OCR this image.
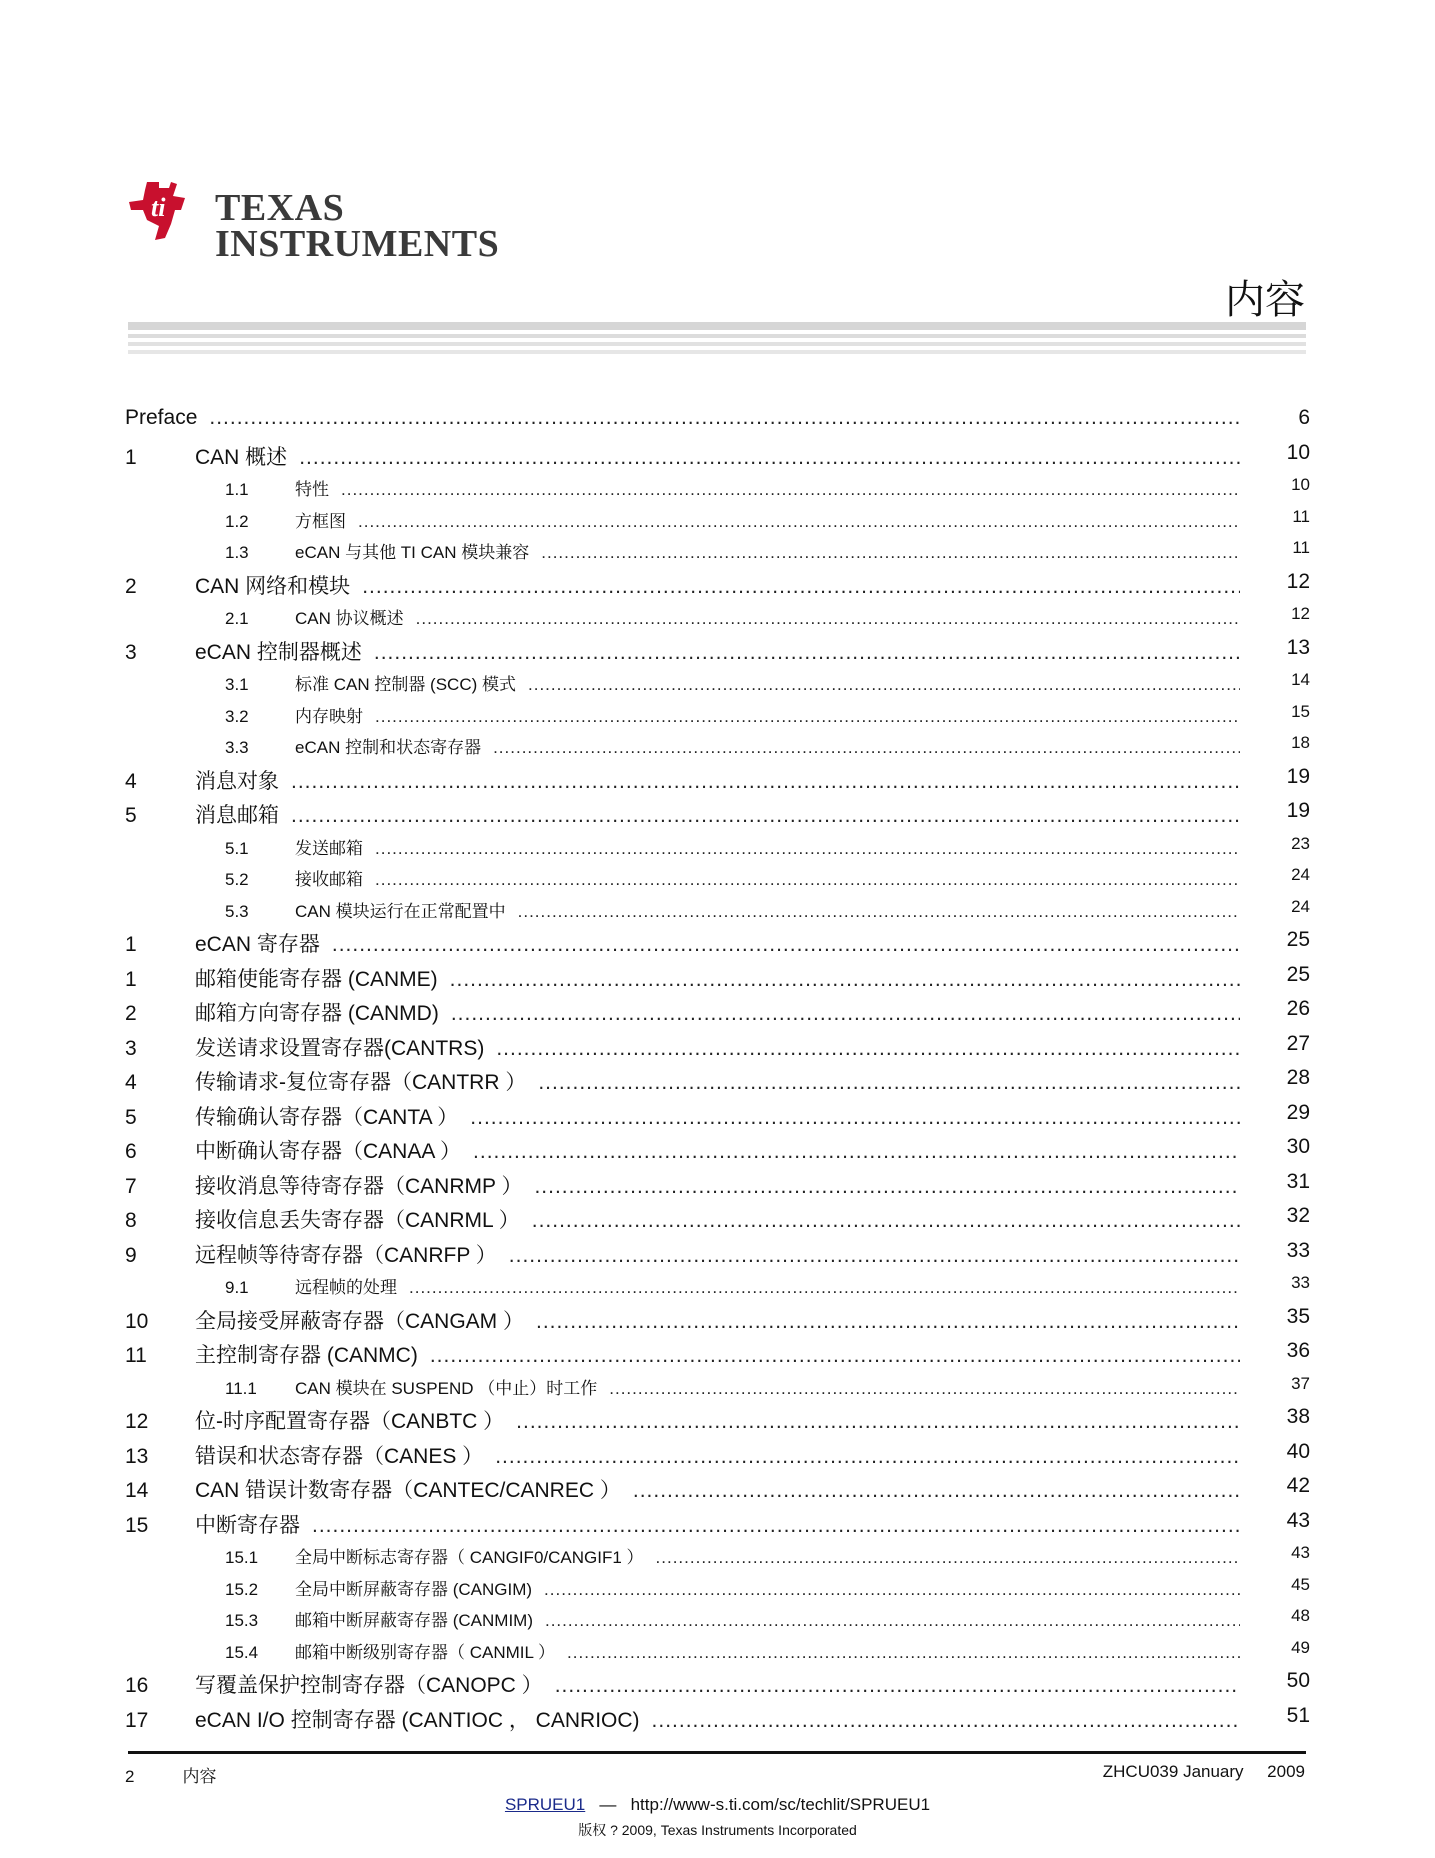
ti TEXAS
INSTRUMENTS
内容
Preface .....	6
1	CAN 概述 .....	10
1.1	特性 .....	10
1.2	方框图 .....	11
1.3	eCAN 与其他 TI CAN 模块兼容 .....	11
2	CAN 网络和模块 .....	12
2.1	CAN 协议概述 .....	12
3	eCAN 控制器概述 .....	13
3.1	标准 CAN 控制器 (SCC) 模式 .....	14
3.2	内存映射 .....	15
3.3	eCAN 控制和状态寄存器 .....	18
4	消息对象 .....	19
5	消息邮箱 .....	19
5.1	发送邮箱 .....	23
5.2	接收邮箱 .....	24
5.3	CAN 模块运行在正常配置中 .....	24
1	eCAN 寄存器 .....	25
1	邮箱使能寄存器 (CANME) .....	25
2	邮箱方向寄存器 (CANMD) .....	26
3	发送请求设置寄存器(CANTRS) .....	27
4	传输请求-复位寄存器（CANTRR ） .....	28
5	传输确认寄存器（CANTA ） .....	29
6	中断确认寄存器（CANAA ） .....	30
7	接收消息等待寄存器（CANRMP ） .....	31
8	接收信息丢失寄存器（CANRML ） .....	32
9	远程帧等待寄存器（CANRFP ） .....	33
9.1	远程帧的处理 .....	33
10	全局接受屏蔽寄存器（CANGAM ） .....	35
11	主控制寄存器 (CANMC) .....	36
11.1	CAN 模块在 SUSPEND （中止）时工作 .....	37
12	位-时序配置寄存器（CANBTC ） .....	38
13	错误和状态寄存器（CANES ） .....	40
14	CAN 错误计数寄存器（CANTEC/CANREC ） .....	42
15	中断寄存器 .....	43
15.1	全局中断标志寄存器（ CANGIF0/CANGIF1 ） .....	43
15.2	全局中断屏蔽寄存器 (CANGIM) .....	45
15.3	邮箱中断屏蔽寄存器 (CANMIM) .....	48
15.4	邮箱中断级别寄存器（ CANMIL ） .....	49
16	写覆盖保护控制寄存器（CANOPC ） .....	50
17	eCAN I/O 控制寄存器 (CANTIOC ， CANRIOC) .....	51
2	内容	ZHCU039 January 2009
SPRUEU1 — http://www-s.ti.com/sc/techlit/SPRUEU1
版权 ? 2009, Texas Instruments Incorporated
